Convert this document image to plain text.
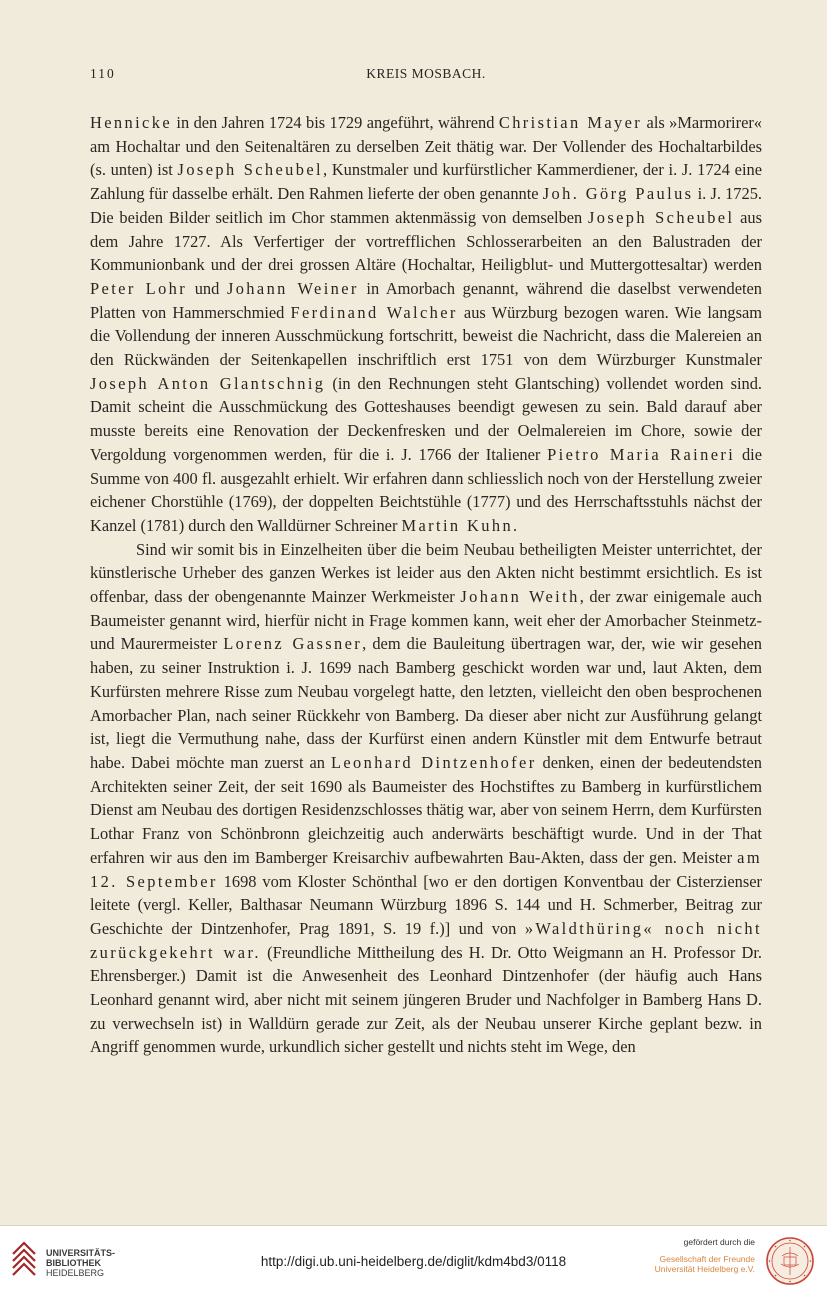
110	KREIS MOSBACH.

Hennicke in den Jahren 1724 bis 1729 angeführt, während Christian Mayer als »Marmorirer« am Hochaltar und den Seitenaltären zu derselben Zeit thätig war. Der Vollender des Hochaltarbildes (s. unten) ist Joseph Scheubel, Kunstmaler und kurfürstlicher Kammerdiener, der i. J. 1724 eine Zahlung für dasselbe erhält. Den Rahmen lieferte der oben genannte Joh. Görg Paulus i. J. 1725. Die beiden Bilder seitlich im Chor stammen aktenmässig von demselben Joseph Scheubel aus dem Jahre 1727. Als Verfertiger der vortrefflichen Schlosserarbeiten an den Balustraden der Kommunionbank und der drei grossen Altäre (Hochaltar, Heiligblut- und Muttergottesaltar) werden Peter Lohr und Johann Weiner in Amorbach genannt, während die daselbst verwendeten Platten von Hammerschmied Ferdinand Walcher aus Würzburg bezogen waren. Wie langsam die Vollendung der inneren Ausschmückung fortschritt, beweist die Nachricht, dass die Malereien an den Rückwänden der Seitenkapellen inschriftlich erst 1751 von dem Würzburger Kunstmaler Joseph Anton Glantschnig (in den Rechnungen steht Glantsching) vollendet worden sind. Damit scheint die Ausschmückung des Gotteshauses beendigt gewesen zu sein. Bald darauf aber musste bereits eine Renovation der Deckenfresken und der Oelmalereien im Chore, sowie der Vergoldung vorgenommen werden, für die i. J. 1766 der Italiener Pietro Maria Raineri die Summe von 400 fl. ausgezahlt erhielt. Wir erfahren dann schliesslich noch von der Herstellung zweier eichener Chorstühle (1769), der doppelten Beichtstühle (1777) und des Herrschaftsstuhls nächst der Kanzel (1781) durch den Walldürner Schreiner Martin Kuhn.

Sind wir somit bis in Einzelheiten über die beim Neubau betheiligten Meister unterrichtet, der künstlerische Urheber des ganzen Werkes ist leider aus den Akten nicht bestimmt ersichtlich. Es ist offenbar, dass der obengenannte Mainzer Werkmeister Johann Weith, der zwar einigemale auch Baumeister genannt wird, hierfür nicht in Frage kommen kann, weit eher der Amorbacher Steinmetz- und Maurermeister Lorenz Gassner, dem die Bauleitung übertragen war, der, wie wir gesehen haben, zu seiner Instruktion i. J. 1699 nach Bamberg geschickt worden war und, laut Akten, dem Kurfürsten mehrere Risse zum Neubau vorgelegt hatte, den letzten, vielleicht den oben besprochenen Amorbacher Plan, nach seiner Rückkehr von Bamberg. Da dieser aber nicht zur Ausführung gelangt ist, liegt die Vermuthung nahe, dass der Kurfürst einen andern Künstler mit dem Entwurfe betraut habe. Dabei möchte man zuerst an Leonhard Dintzenhofer denken, einen der bedeutendsten Architekten seiner Zeit, der seit 1690 als Baumeister des Hochstiftes zu Bamberg in kurfürstlichem Dienst am Neubau des dortigen Residenzschlosses thätig war, aber von seinem Herrn, dem Kurfürsten Lothar Franz von Schönbronn gleichzeitig auch anderwärts beschäftigt wurde. Und in der That erfahren wir aus den im Bamberger Kreisarchiv aufbewahrten Bau-Akten, dass der gen. Meister am 12. September 1698 vom Kloster Schönthal [wo er den dortigen Konventbau der Cisterzienser leitete (vergl. Keller, Balthasar Neumann Würzburg 1896 S. 144 und H. Schmerber, Beitrag zur Geschichte der Dintzenhofer, Prag 1891, S. 19 f.)] und von »Waldthüring« noch nicht zurückgekehrt war. (Freundliche Mittheilung des H. Dr. Otto Weigmann an H. Professor Dr. Ehrensberger.) Damit ist die Anwesenheit des Leonhard Dintzenhofer (der häufig auch Hans Leonhard genannt wird, aber nicht mit seinem jüngeren Bruder und Nachfolger in Bamberg Hans D. zu verwechseln ist) in Walldürn gerade zur Zeit, als der Neubau unserer Kirche geplant bezw. in Angriff genommen wurde, urkundlich sicher gestellt und nichts steht im Wege, den

UNIVERSITÄTS-
BIBLIOTHEK
HEIDELBERG
http://digi.ub.uni-heidelberg.de/diglit/kdm4bd3/0118
gefördert durch die
Gesellschaft der Freunde
Universität Heidelberg e.V.
